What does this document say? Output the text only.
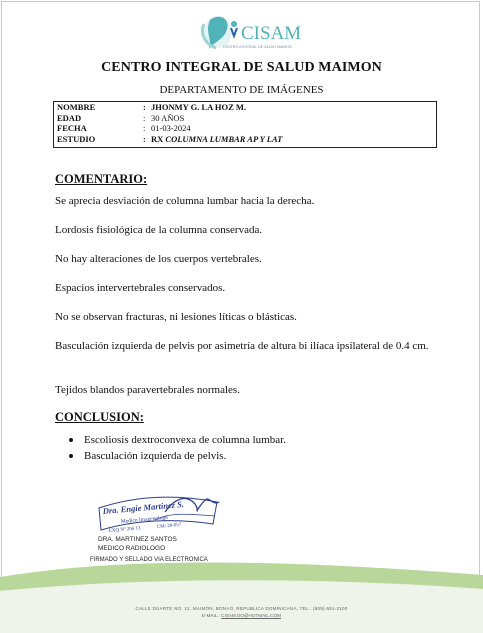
CISAM
CENTRO INTEGRAL DE SALUD MAIMON
CENTRO INTEGRAL DE SALUD MAIMON
DEPARTAMENTO DE IMÁGENES
NOMBRE	: JHONMY G. LA HOZ M.
EDAD	: 30 AÑOS
FECHA	: 01-03-2024
ESTUDIO	: RX COLUMNA LUMBAR AP Y LAT
COMENTARIO:
Se aprecia desviación de columna lumbar hacia la derecha.
Lordosis fisiológica de la columna conservada.
No hay alteraciones de los cuerpos vertebrales.
Espacios intervertebrales conservados.
No se observan fracturas, ni lesiones líticas o blásticas.
Basculación izquierda de pelvis por asimetría de altura bi ilíaca ipsilateral de 0.4 cm.
Tejidos blandos paravertebrales normales.
CONCLUSION:
Escoliosis dextroconvexa de columna lumbar.
Basculación izquierda de pelvis.
Dra. Engie Martinez S.
Medico Imagenologo
EXQ Nº 206 13	CM: 20-057
DRA. MARTINEZ SANTOS
MEDICO RADIOLOGO
FIRMADO Y SELLADO VIA ELECTRONICA
CALLE DUARTE NO. 12, MAIMÓN, BONAO, REPUBLICA DOMINICANA, TEL.: (809)-551-2100
E-MAIL.: CISAM.DO@HOTMAIL.COM
